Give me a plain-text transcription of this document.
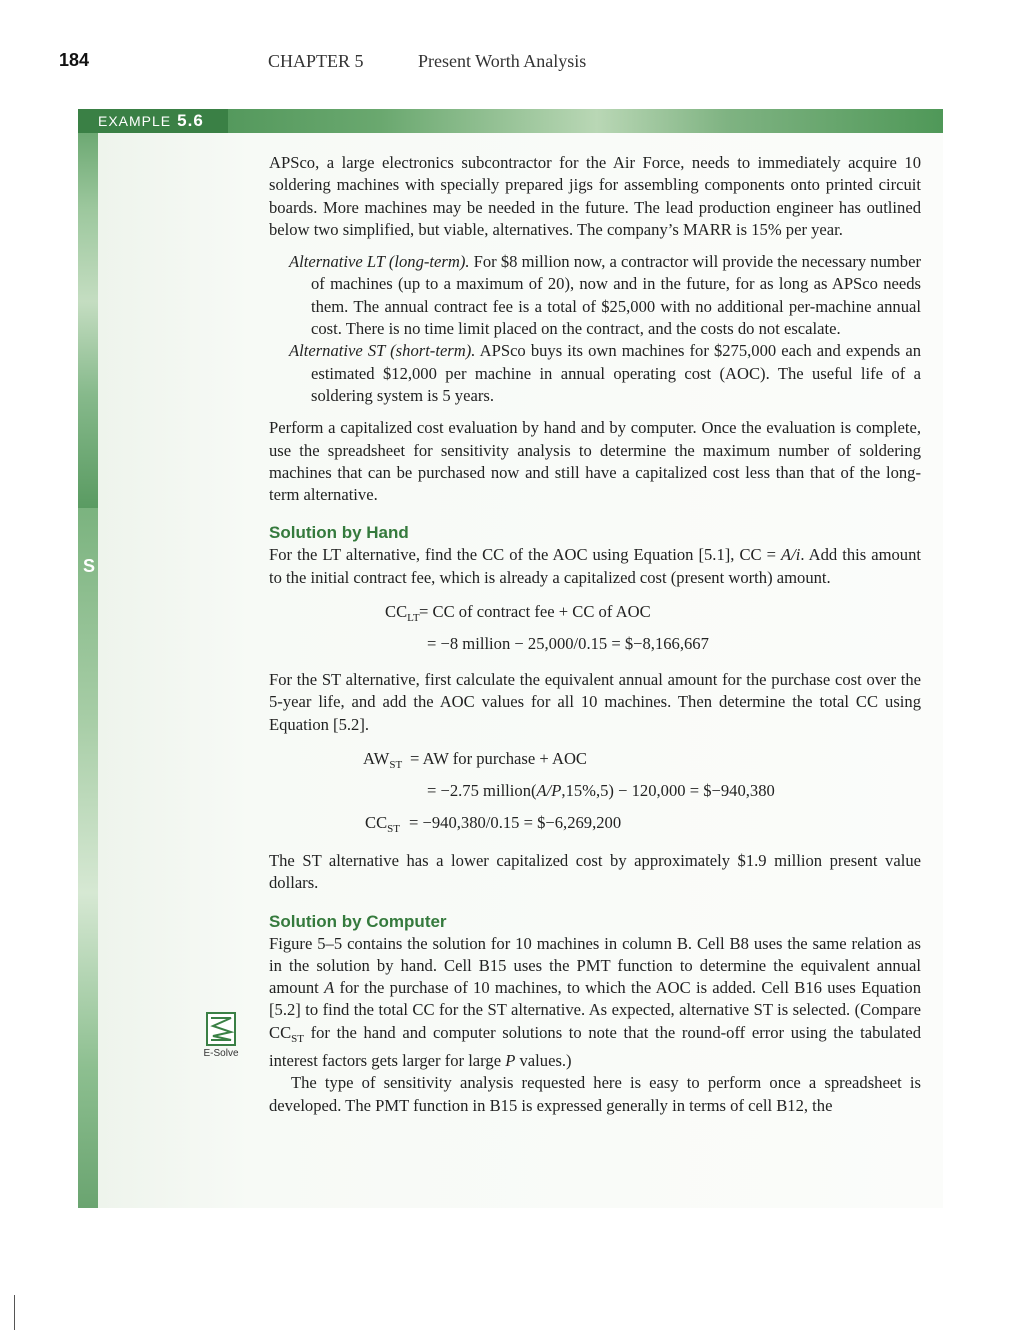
184	CHAPTER 5	Present Worth Analysis
EXAMPLE 5.6
S
E-Solve

APSco, a large electronics subcontractor for the Air Force, needs to immediately acquire 10 soldering machines with specially prepared jigs for assembling components onto printed circuit boards. More machines may be needed in the future. The lead production engineer has outlined below two simplified, but viable, alternatives. The company’s MARR is 15% per year.

Alternative LT (long-term). For $8 million now, a contractor will provide the necessary number of machines (up to a maximum of 20), now and in the future, for as long as APSco needs them. The annual contract fee is a total of $25,000 with no additional per-machine annual cost. There is no time limit placed on the contract, and the costs do not escalate.

Alternative ST (short-term). APSco buys its own machines for $275,000 each and expends an estimated $12,000 per machine in annual operating cost (AOC). The useful life of a soldering system is 5 years.

Perform a capitalized cost evaluation by hand and by computer. Once the evaluation is complete, use the spreadsheet for sensitivity analysis to determine the maximum number of soldering machines that can be purchased now and still have a capitalized cost less than that of the long-term alternative.

Solution by Hand

For the LT alternative, find the CC of the AOC using Equation [5.1], CC = A/i. Add this amount to the initial contract fee, which is already a capitalized cost (present worth) amount.

$CC_{LT}$ = CC of contract fee + CC of AOC
= −8 million − 25,000/0.15 = $−8,166,667

For the ST alternative, first calculate the equivalent annual amount for the purchase cost over the 5-year life, and add the AOC values for all 10 machines. Then determine the total CC using Equation [5.2].

$AW_{ST}$ = AW for purchase + AOC
= −2.75 million(A/P,15%,5) − 120,000 = $−940,380
$CC_{ST} = -940,380/0.15$ = $−6,269,200

The ST alternative has a lower capitalized cost by approximately $1.9 million present value dollars.

Solution by Computer

Figure 5–5 contains the solution for 10 machines in column B. Cell B8 uses the same relation as in the solution by hand. Cell B15 uses the PMT function to determine the equivalent annual amount A for the purchase of 10 machines, to which the AOC is added. Cell B16 uses Equation [5.2] to find the total CC for the ST alternative. As expected, alternative ST is selected. (Compare $CC_{ST}$ for the hand and computer solutions to note that the round-off error using the tabulated interest factors gets larger for large P values.)

The type of sensitivity analysis requested here is easy to perform once a spreadsheet is developed. The PMT function in B15 is expressed generally in terms of cell B12, the
